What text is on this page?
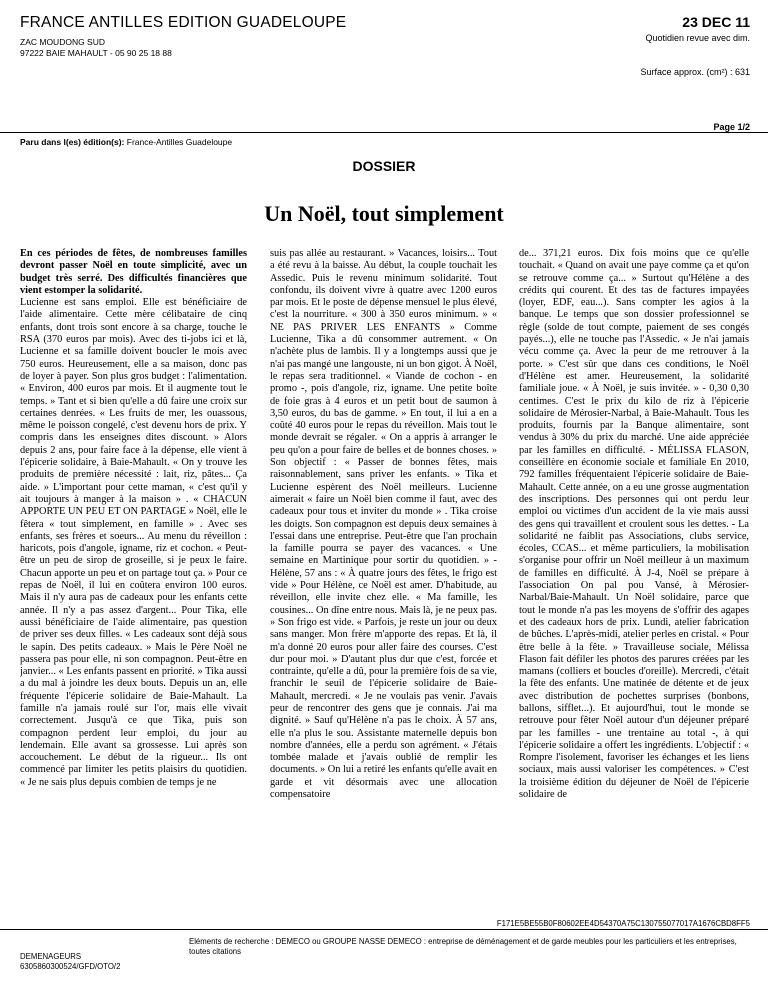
FRANCE ANTILLES EDITION GUADELOUPE	23 DEC 11
ZAC MOUDONG SUD
97222 BAIE MAHAULT - 05 90 25 18 88
Quotidien revue avec dim.
Surface approx. (cm²) : 631
Page 1/2
Paru dans l(es) édition(s): France-Antilles Guadeloupe
DOSSIER
Un Noël, tout simplement

En ces périodes de fêtes, de nombreuses familles devront passer Noël en toute simplicité, avec un budget très serré. Des difficultés financières que vient estomper la solidarité.

Lucienne est sans emploi. Elle est bénéficiaire de l'aide alimentaire. Cette mère célibataire de cinq enfants, dont trois sont encore à sa charge, touche le RSA (370 euros par mois). Avec des ti-jobs ici et là, Lucienne et sa famille doivent boucler le mois avec 750 euros. Heureusement, elle a sa maison, donc pas de loyer à payer. Son plus gros budget : l'alimentation. « Environ, 400 euros par mois. Et il augmente tout le temps. » Tant et si bien qu'elle a dû faire une croix sur certaines denrées. « Les fruits de mer, les ouassous, même le poisson congelé, c'est devenu hors de prix. Y compris dans les enseignes dites discount. » Alors depuis 2 ans, pour faire face à la dépense, elle vient à l'épicerie solidaire, à Baie-Mahault. « On y trouve les produits de première nécessité : lait, riz, pâtes... Ça aide. » L'important pour cette maman, « c'est qu'il y ait toujours à manger à la maison » . « CHACUN APPORTE UN PEU ET ON PARTAGE » Noël, elle le fêtera « tout simplement, en famille » . Avec ses enfants, ses frères et soeurs... Au menu du réveillon : haricots, pois d'angole, igname, riz et cochon. « Peut-être un peu de sirop de groseille, si je peux le faire. Chacun apporte un peu et on partage tout ça. » Pour ce repas de Noël, il lui en coûtera environ 100 euros. Mais il n'y aura pas de cadeaux pour les enfants cette année. Il n'y a pas assez d'argent... Pour Tika, elle aussi bénéficiaire de l'aide alimentaire, pas question de priver ses deux filles. « Les cadeaux sont déjà sous le sapin. Des petits cadeaux. » Mais le Père Noël ne passera pas pour elle, ni son compagnon. Peut-être en janvier... « Les enfants passent en priorité. » Tika aussi a du mal à joindre les deux bouts. Depuis un an, elle fréquente l'épicerie solidaire de Baie-Mahault. La famille n'a jamais roulé sur l'or, mais elle vivait correctement. Jusqu'à ce que Tika, puis son compagnon perdent leur emploi, du jour au lendemain. Elle avant sa grossesse. Lui après son accouchement. Le début de la rigueur... Ils ont commencé par limiter les petits plaisirs du quotidien. « Je ne sais plus depuis combien de temps je ne

suis pas allée au restaurant. » Vacances, loisirs... Tout a été revu à la baisse. Au début, la couple touchait les Assedic. Puis le revenu minimum solidarité. Tout confondu, ils doivent vivre à quatre avec 1200 euros par mois. Et le poste de dépense mensuel le plus élevé, c'est la nourriture. « 300 à 350 euros minimum. » « NE PAS PRIVER LES ENFANTS » Comme Lucienne, Tika a dû consommer autrement. « On n'achète plus de lambis. Il y a longtemps aussi que je n'ai pas mangé une langouste, ni un bon gigot. À Noël, le repas sera traditionnel. « Viande de cochon - en promo -, pois d'angole, riz, igname. Une petite boîte de foie gras à 4 euros et un petit bout de saumon à 3,50 euros, du bas de gamme. » En tout, il lui a en a coûté 40 euros pour le repas du réveillon. Mais tout le monde devrait se régaler. « On a appris à arranger le peu qu'on a pour faire de belles et de bonnes choses. » Son objectif : « Passer de bonnes fêtes, mais raisonnablement, sans priver les enfants. » Tika et Lucienne espèrent des Noël meilleurs. Lucienne aimerait « faire un Noël bien comme il faut, avec des cadeaux pour tous et inviter du monde » . Tika croise les doigts. Son compagnon est depuis deux semaines à l'essai dans une entreprise. Peut-être que l'an prochain la famille pourra se payer des vacances. « Une semaine en Martinique pour sortir du quotidien. » - Hélène, 57 ans : « À quatre jours des fêtes, le frigo est vide » Pour Hélène, ce Noël est amer. D'habitude, au réveillon, elle invite chez elle. « Ma famille, les cousines... On dîne entre nous. Mais là, je ne peux pas. » Son frigo est vide. « Parfois, je reste un jour ou deux sans manger. Mon frère m'apporte des repas. Et là, il m'a donné 20 euros pour aller faire des courses. C'est dur pour moi. » D'autant plus dur que c'est, forcée et contrainte, qu'elle a dû, pour la première fois de sa vie, franchir le seuil de l'épicerie solidaire de Baie-Mahault, mercredi. « Je ne voulais pas venir. J'avais peur de rencontrer des gens que je connais. J'ai ma dignité. » Sauf qu'Hélène n'a pas le choix. À 57 ans, elle n'a plus le sou. Assistante maternelle depuis bon nombre d'années, elle a perdu son agrément. « J'étais tombée malade et j'avais oublié de remplir les documents. » On lui a retiré les enfants qu'elle avait en garde et vit désormais avec une allocation compensatoire

de... 371,21 euros. Dix fois moins que ce qu'elle touchait. « Quand on avait une paye comme ça et qu'on se retrouve comme ça... » Surtout qu'Hélène a des crédits qui courent. Et des tas de factures impayées (loyer, EDF, eau...). Sans compter les agios à la banque. Le temps que son dossier professionnel se règle (solde de tout compte, paiement de ses congés payés...), elle ne touche pas l'Assedic. « Je n'ai jamais vécu comme ça. Avec la peur de me retrouver à la porte. » C'est sûr que dans ces conditions, le Noël d'Hélène est amer. Heureusement, la solidarité familiale joue. « À Noël, je suis invitée. » - 0,30 0,30 centimes. C'est le prix du kilo de riz à l'épicerie solidaire de Mérosier-Narbal, à Baie-Mahault. Tous les produits, fournis par la Banque alimentaire, sont vendus à 30% du prix du marché. Une aide appréciée par les familles en difficulté. - MÉLISSA FLASON, conseillère en économie sociale et familiale En 2010, 792 familles fréquentaient l'épicerie solidaire de Baie-Mahault. Cette année, on a eu une grosse augmentation des inscriptions. Des personnes qui ont perdu leur emploi ou victimes d'un accident de la vie mais aussi des gens qui travaillent et croulent sous les dettes. - La solidarité ne faiblit pas Associations, clubs service, écoles, CCAS... et même particuliers, la mobilisation s'organise pour offrir un Noël meilleur à un maximum de familles en difficulté. À J-4, Noël se prépare à l'association On pal pou Vansé, à Mérosier-Narbal/Baie-Mahault. Un Noël solidaire, parce que tout le monde n'a pas les moyens de s'offrir des agapes et des cadeaux hors de prix. Lundi, atelier fabrication de bûches. L'après-midi, atelier perles en cristal. « Pour être belle à la fête. » Travailleuse sociale, Mélissa Flason fait défiler les photos des parures créées par les mamans (colliers et boucles d'oreille). Mercredi, c'était la fête des enfants. Une matinée de détente et de jeux avec distribution de pochettes surprises (bonbons, ballons, sifflet...). Et aujourd'hui, tout le monde se retrouve pour fêter Noël autour d'un déjeuner préparé par les familles - une trentaine au total -, à qui l'épicerie solidaire a offert les ingrédients. L'objectif : « Rompre l'isolement, favoriser les échanges et les liens sociaux, mais aussi valoriser les compétences. » C'est la troisième édition du déjeuner de Noël de l'épicerie solidaire de

F171E5BE55B0F80602EE4D54370A75C130755077017A1676CBD8FF5
DEMENAGEURS
6305860300524/GFD/OTO/2
Eléments de recherche : DEMECO ou GROUPE NASSE DEMECO : entreprise de déménagement et de garde meubles pour les particuliers et les entreprises, toutes citations
